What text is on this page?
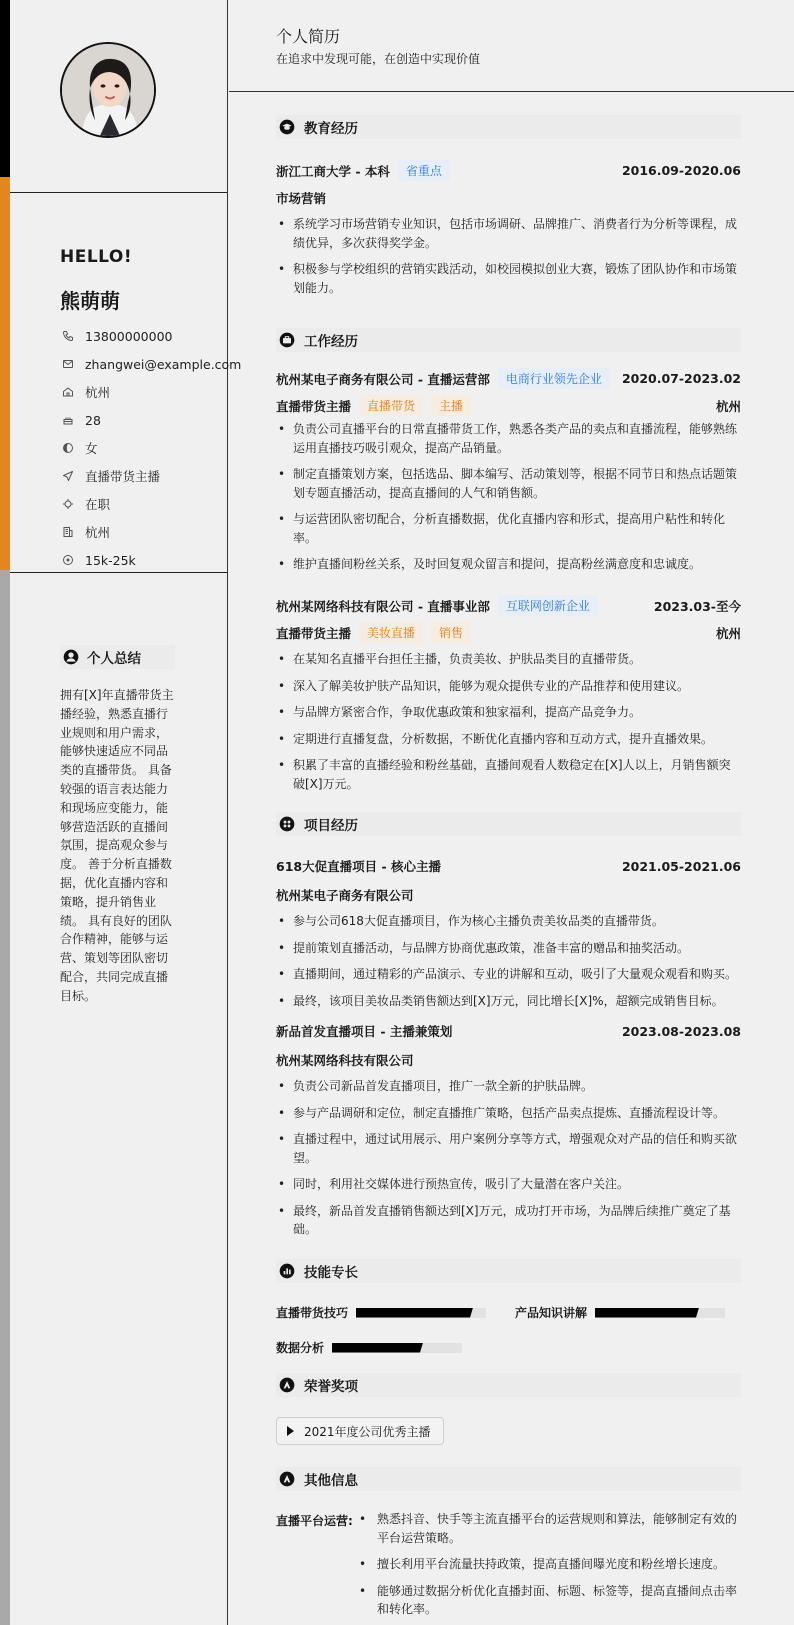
HELLO!
熊萌萌
13800000000
zhangwei@example.com
杭州
28
女
直播带货主播
在职
杭州
15k-25k
个人总结
拥有[X]年直播带货主播经验，熟悉直播行业规则和用户需求，能够快速适应不同品类的直播带货。 具备较强的语言表达能力和现场应变能力，能够营造活跃的直播间氛围，提高观众参与度。 善于分析直播数据，优化直播内容和策略，提升销售业绩。 具有良好的团队合作精神，能够与运营、策划等团队密切配合，共同完成直播目标。
个人简历
在追求中发现可能，在创造中实现价值
教育经历
浙江工商大学 - 本科	省重点	2016.09-2020.06
市场营销
• 系统学习市场营销专业知识，包括市场调研、品牌推广、消费者行为分析等课程，成绩优异，多次获得奖学金。
• 积极参与学校组织的营销实践活动，如校园模拟创业大赛，锻炼了团队协作和市场策划能力。
工作经历
杭州某电子商务有限公司 - 直播运营部	电商行业领先企业	2020.07-2023.02
直播带货主播	直播带货	主播	杭州
• 负责公司直播平台的日常直播带货工作，熟悉各类产品的卖点和直播流程，能够熟练运用直播技巧吸引观众，提高产品销量。
• 制定直播策划方案，包括选品、脚本编写、活动策划等，根据不同节日和热点话题策划专题直播活动，提高直播间的人气和销售额。
• 与运营团队密切配合，分析直播数据，优化直播内容和形式，提高用户粘性和转化率。
• 维护直播间粉丝关系，及时回复观众留言和提问，提高粉丝满意度和忠诚度。
杭州某网络科技有限公司 - 直播事业部	互联网创新企业	2023.03-至今
直播带货主播	美妆直播	销售	杭州
• 在某知名直播平台担任主播，负责美妆、护肤品类目的直播带货。
• 深入了解美妆护肤产品知识，能够为观众提供专业的产品推荐和使用建议。
• 与品牌方紧密合作，争取优惠政策和独家福利，提高产品竞争力。
• 定期进行直播复盘，分析数据，不断优化直播内容和互动方式，提升直播效果。
• 积累了丰富的直播经验和粉丝基础，直播间观看人数稳定在[X]人以上，月销售额突破[X]万元。
项目经历
618大促直播项目 - 核心主播	2021.05-2021.06
杭州某电子商务有限公司
• 参与公司618大促直播项目，作为核心主播负责美妆品类的直播带货。
• 提前策划直播活动，与品牌方协商优惠政策，准备丰富的赠品和抽奖活动。
• 直播期间，通过精彩的产品演示、专业的讲解和互动，吸引了大量观众观看和购买。
• 最终，该项目美妆品类销售额达到[X]万元，同比增长[X]%，超额完成销售目标。
新品首发直播项目 - 主播兼策划	2023.08-2023.08
杭州某网络科技有限公司
• 负责公司新品首发直播项目，推广一款全新的护肤品牌。
• 参与产品调研和定位，制定直播推广策略，包括产品卖点提炼、直播流程设计等。
• 直播过程中，通过试用展示、用户案例分享等方式，增强观众对产品的信任和购买欲望。
• 同时，利用社交媒体进行预热宣传，吸引了大量潜在客户关注。
• 最终，新品首发直播销售额达到[X]万元，成功打开市场，为品牌后续推广奠定了基础。
技能专长
直播带货技巧	产品知识讲解
数据分析
荣誉奖项
2021年度公司优秀主播
其他信息
直播平台运营:
•	熟悉抖音、快手等主流直播平台的运营规则和算法，能够制定有效的平台运营策略。
• 擅长利用平台流量扶持政策，提高直播间曝光度和粉丝增长速度。
• 能够通过数据分析优化直播封面、标题、标签等，提高直播间点击率和转化率。
